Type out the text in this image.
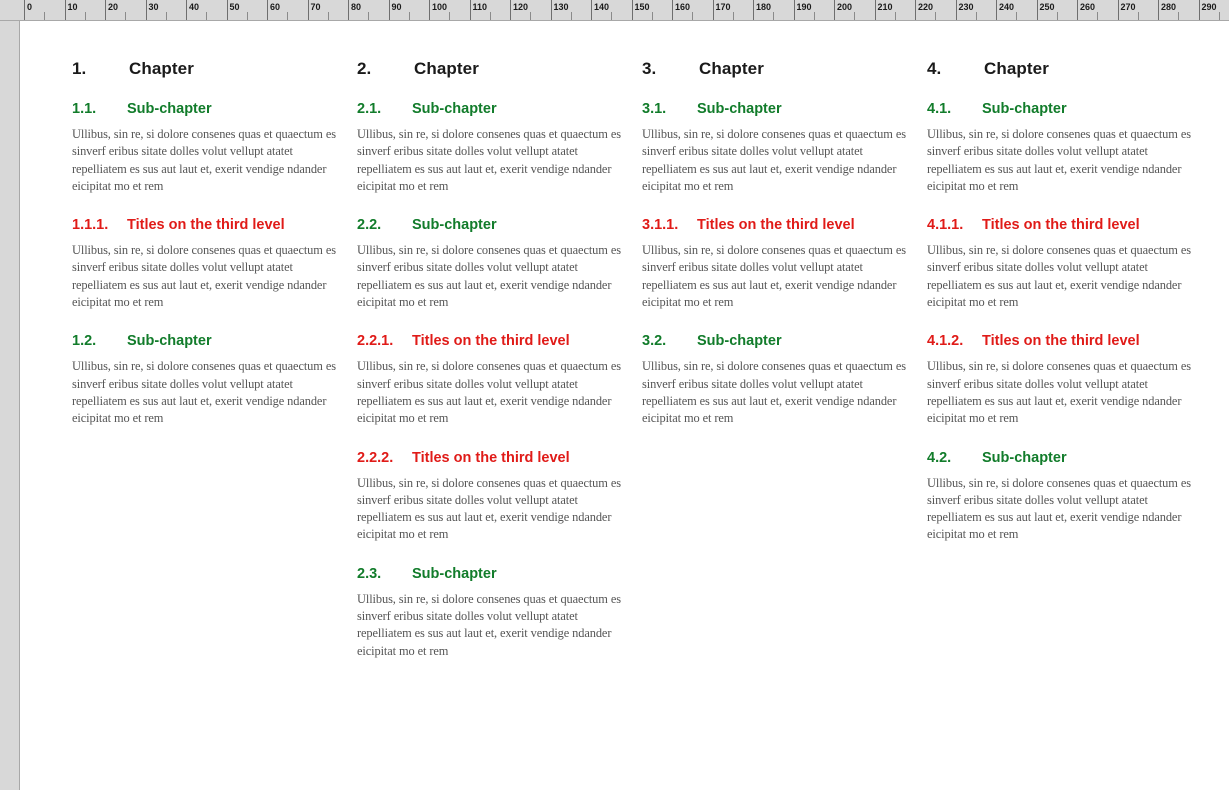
0	10	20	30	40	50	60	70	80	90	100	110	120	130	140	150	160	170	180	190	200	210	220	230	240	250	260	270	280	290
1.	Chapter
1.1.	Sub-chapter

Ullibus, sin re, si dolore consenes quas et quaectum es sinverf eribus sitate dolles volut vellupt atatet repelliatem es sus aut laut et, exerit vendige ndander eicipitat mo et rem

1.1.1.	Titles on the third level

Ullibus, sin re, si dolore consenes quas et quaectum es sinverf eribus sitate dolles volut vellupt atatet repelliatem es sus aut laut et, exerit vendige ndander eicipitat mo et rem

1.2.	Sub-chapter

Ullibus, sin re, si dolore consenes quas et quaectum es sinverf eribus sitate dolles volut vellupt atatet repelliatem es sus aut laut et, exerit vendige ndander eicipitat mo et rem

2.	Chapter
2.1.	Sub-chapter

Ullibus, sin re, si dolore consenes quas et quaectum es sinverf eribus sitate dolles volut vellupt atatet repelliatem es sus aut laut et, exerit vendige ndander eicipitat mo et rem

2.2.	Sub-chapter

Ullibus, sin re, si dolore consenes quas et quaectum es sinverf eribus sitate dolles volut vellupt atatet repelliatem es sus aut laut et, exerit vendige ndander eicipitat mo et rem

2.2.1.	Titles on the third level

Ullibus, sin re, si dolore consenes quas et quaectum es sinverf eribus sitate dolles volut vellupt atatet repelliatem es sus aut laut et, exerit vendige ndander eicipitat mo et rem

2.2.2.	Titles on the third level

Ullibus, sin re, si dolore consenes quas et quaectum es sinverf eribus sitate dolles volut vellupt atatet repelliatem es sus aut laut et, exerit vendige ndander eicipitat mo et rem

2.3.	Sub-chapter

Ullibus, sin re, si dolore consenes quas et quaectum es sinverf eribus sitate dolles volut vellupt atatet repelliatem es sus aut laut et, exerit vendige ndander eicipitat mo et rem

3.	Chapter
3.1.	Sub-chapter

Ullibus, sin re, si dolore consenes quas et quaectum es sinverf eribus sitate dolles volut vellupt atatet repelliatem es sus aut laut et, exerit vendige ndander eicipitat mo et rem

3.1.1.	Titles on the third level

Ullibus, sin re, si dolore consenes quas et quaectum es sinverf eribus sitate dolles volut vellupt atatet repelliatem es sus aut laut et, exerit vendige ndander eicipitat mo et rem

3.2.	Sub-chapter

Ullibus, sin re, si dolore consenes quas et quaectum es sinverf eribus sitate dolles volut vellupt atatet repelliatem es sus aut laut et, exerit vendige ndander eicipitat mo et rem

4.	Chapter
4.1.	Sub-chapter

Ullibus, sin re, si dolore consenes quas et quaectum es sinverf eribus sitate dolles volut vellupt atatet repelliatem es sus aut laut et, exerit vendige ndander eicipitat mo et rem

4.1.1.	Titles on the third level

Ullibus, sin re, si dolore consenes quas et quaectum es sinverf eribus sitate dolles volut vellupt atatet repelliatem es sus aut laut et, exerit vendige ndander eicipitat mo et rem

4.1.2.	Titles on the third level

Ullibus, sin re, si dolore consenes quas et quaectum es sinverf eribus sitate dolles volut vellupt atatet repelliatem es sus aut laut et, exerit vendige ndander eicipitat mo et rem

4.2.	Sub-chapter

Ullibus, sin re, si dolore consenes quas et quaectum es sinverf eribus sitate dolles volut vellupt atatet repelliatem es sus aut laut et, exerit vendige ndander eicipitat mo et rem
